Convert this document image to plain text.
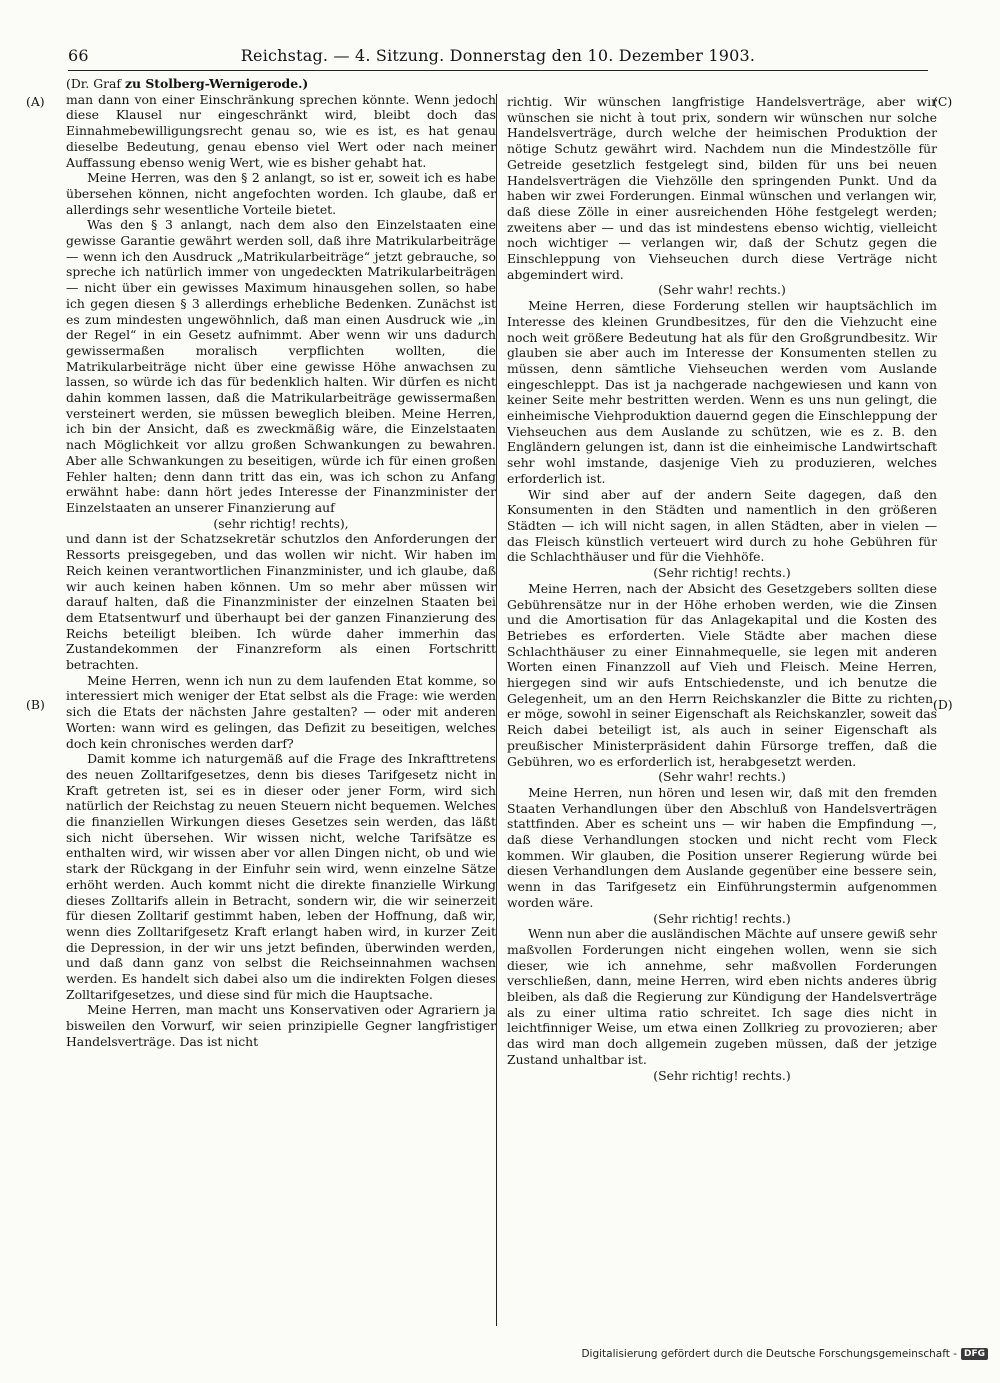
66	Reichstag. — 4. Sitzung. Donnerstag den 10. Dezember 1903.
(A)
(B)
(C)
(D)

(Dr. Graf zu Stolberg-Wernigerode.)

man dann von einer Einschränkung sprechen könnte. Wenn jedoch diese Klausel nur eingeschränkt wird, bleibt doch das Einnahmebewilligungsrecht genau so, wie es ist, es hat genau dieselbe Bedeutung, genau ebenso viel Wert oder nach meiner Auffassung ebenso wenig Wert, wie es bisher gehabt hat.

Meine Herren, was den § 2 anlangt, so ist er, soweit ich es habe übersehen können, nicht angefochten worden. Ich glaube, daß er allerdings sehr wesentliche Vorteile bietet.

Was den § 3 anlangt, nach dem also den Einzelstaaten eine gewisse Garantie gewährt werden soll, daß ihre Matrikularbeiträge — wenn ich den Ausdruck „Matrikularbeiträge“ jetzt gebrauche, so spreche ich natürlich immer von ungedeckten Matrikularbeiträgen — nicht über ein gewisses Maximum hinausgehen sollen, so habe ich gegen diesen § 3 allerdings erhebliche Bedenken. Zunächst ist es zum mindesten ungewöhnlich, daß man einen Ausdruck wie „in der Regel“ in ein Gesetz aufnimmt. Aber wenn wir uns dadurch gewissermaßen moralisch verpflichten wollten, die Matrikularbeiträge nicht über eine gewisse Höhe anwachsen zu lassen, so würde ich das für bedenklich halten. Wir dürfen es nicht dahin kommen lassen, daß die Matrikularbeiträge gewissermaßen versteinert werden, sie müssen beweglich bleiben. Meine Herren, ich bin der Ansicht, daß es zweckmäßig wäre, die Einzelstaaten nach Möglichkeit vor allzu großen Schwankungen zu bewahren. Aber alle Schwankungen zu beseitigen, würde ich für einen großen Fehler halten; denn dann tritt das ein, was ich schon zu Anfang erwähnt habe: dann hört jedes Interesse der Finanzminister der Einzelstaaten an unserer Finanzierung auf

(sehr richtig! rechts),

und dann ist der Schatzsekretär schutzlos den Anforderungen der Ressorts preisgegeben, und das wollen wir nicht. Wir haben im Reich keinen verantwortlichen Finanzminister, und ich glaube, daß wir auch keinen haben können. Um so mehr aber müssen wir darauf halten, daß die Finanzminister der einzelnen Staaten bei dem Etatsentwurf und überhaupt bei der ganzen Finanzierung des Reichs beteiligt bleiben. Ich würde daher immerhin das Zustandekommen der Finanzreform als einen Fortschritt betrachten.

Meine Herren, wenn ich nun zu dem laufenden Etat komme, so interessiert mich weniger der Etat selbst als die Frage: wie werden sich die Etats der nächsten Jahre gestalten? — oder mit anderen Worten: wann wird es gelingen, das Defizit zu beseitigen, welches doch kein chronisches werden darf?

Damit komme ich naturgemäß auf die Frage des Inkrafttretens des neuen Zolltarifgesetzes, denn bis dieses Tarifgesetz nicht in Kraft getreten ist, sei es in dieser oder jener Form, wird sich natürlich der Reichstag zu neuen Steuern nicht bequemen. Welches die finanziellen Wirkungen dieses Gesetzes sein werden, das läßt sich nicht übersehen. Wir wissen nicht, welche Tarifsätze es enthalten wird, wir wissen aber vor allen Dingen nicht, ob und wie stark der Rückgang in der Einfuhr sein wird, wenn einzelne Sätze erhöht werden. Auch kommt nicht die direkte finanzielle Wirkung dieses Zolltarifs allein in Betracht, sondern wir, die wir seinerzeit für diesen Zolltarif gestimmt haben, leben der Hoffnung, daß wir, wenn dies Zolltarifgesetz Kraft erlangt haben wird, in kurzer Zeit die Depression, in der wir uns jetzt befinden, überwinden werden, und daß dann ganz von selbst die Reichseinnahmen wachsen werden. Es handelt sich dabei also um die indirekten Folgen dieses Zolltarifgesetzes, und diese sind für mich die Hauptsache.

Meine Herren, man macht uns Konservativen oder Agrariern ja bisweilen den Vorwurf, wir seien prinzipielle Gegner langfristiger Handelsverträge. Das ist nicht

richtig. Wir wünschen langfristige Handelsverträge, aber wir wünschen sie nicht à tout prix, sondern wir wünschen nur solche Handelsverträge, durch welche der heimischen Produktion der nötige Schutz gewährt wird. Nachdem nun die Mindestzölle für Getreide gesetzlich festgelegt sind, bilden für uns bei neuen Handelsverträgen die Viehzölle den springenden Punkt. Und da haben wir zwei Forderungen. Einmal wünschen und verlangen wir, daß diese Zölle in einer ausreichenden Höhe festgelegt werden; zweitens aber — und das ist mindestens ebenso wichtig, vielleicht noch wichtiger — verlangen wir, daß der Schutz gegen die Einschleppung von Viehseuchen durch diese Verträge nicht abgemindert wird.

(Sehr wahr! rechts.)

Meine Herren, diese Forderung stellen wir hauptsächlich im Interesse des kleinen Grundbesitzes, für den die Viehzucht eine noch weit größere Bedeutung hat als für den Großgrundbesitz. Wir glauben sie aber auch im Interesse der Konsumenten stellen zu müssen, denn sämtliche Viehseuchen werden vom Auslande eingeschleppt. Das ist ja nachgerade nachgewiesen und kann von keiner Seite mehr bestritten werden. Wenn es uns nun gelingt, die einheimische Viehproduktion dauernd gegen die Einschleppung der Viehseuchen aus dem Auslande zu schützen, wie es z. B. den Engländern gelungen ist, dann ist die einheimische Landwirtschaft sehr wohl imstande, dasjenige Vieh zu produzieren, welches erforderlich ist.

Wir sind aber auf der andern Seite dagegen, daß den Konsumenten in den Städten und namentlich in den größeren Städten — ich will nicht sagen, in allen Städten, aber in vielen — das Fleisch künstlich verteuert wird durch zu hohe Gebühren für die Schlachthäuser und für die Viehhöfe.

(Sehr richtig! rechts.)

Meine Herren, nach der Absicht des Gesetzgebers sollten diese Gebührensätze nur in der Höhe erhoben werden, wie die Zinsen und die Amortisation für das Anlagekapital und die Kosten des Betriebes es erforderten. Viele Städte aber machen diese Schlachthäuser zu einer Einnahmequelle, sie legen mit anderen Worten einen Finanzzoll auf Vieh und Fleisch. Meine Herren, hiergegen sind wir aufs Entschiedenste, und ich benutze die Gelegenheit, um an den Herrn Reichskanzler die Bitte zu richten, er möge, sowohl in seiner Eigenschaft als Reichskanzler, soweit das Reich dabei beteiligt ist, als auch in seiner Eigenschaft als preußischer Ministerpräsident dahin Fürsorge treffen, daß die Gebühren, wo es erforderlich ist, herabgesetzt werden.

(Sehr wahr! rechts.)

Meine Herren, nun hören und lesen wir, daß mit den fremden Staaten Verhandlungen über den Abschluß von Handelsverträgen stattfinden. Aber es scheint uns — wir haben die Empfindung —, daß diese Verhandlungen stocken und nicht recht vom Fleck kommen. Wir glauben, die Position unserer Regierung würde bei diesen Verhandlungen dem Auslande gegenüber eine bessere sein, wenn in das Tarifgesetz ein Einführungstermin aufgenommen worden wäre.

(Sehr richtig! rechts.)

Wenn nun aber die ausländischen Mächte auf unsere gewiß sehr maßvollen Forderungen nicht eingehen wollen, wenn sie sich dieser, wie ich annehme, sehr maßvollen Forderungen verschließen, dann, meine Herren, wird eben nichts anderes übrig bleiben, als daß die Regierung zur Kündigung der Handelsverträge als zu einer ultima ratio schreitet. Ich sage dies nicht in leichtfinniger Weise, um etwa einen Zollkrieg zu provozieren; aber das wird man doch allgemein zugeben müssen, daß der jetzige Zustand unhaltbar ist.

(Sehr richtig! rechts.)

Digitalisierung gefördert durch die Deutsche Forschungsgemeinschaft - DFG
